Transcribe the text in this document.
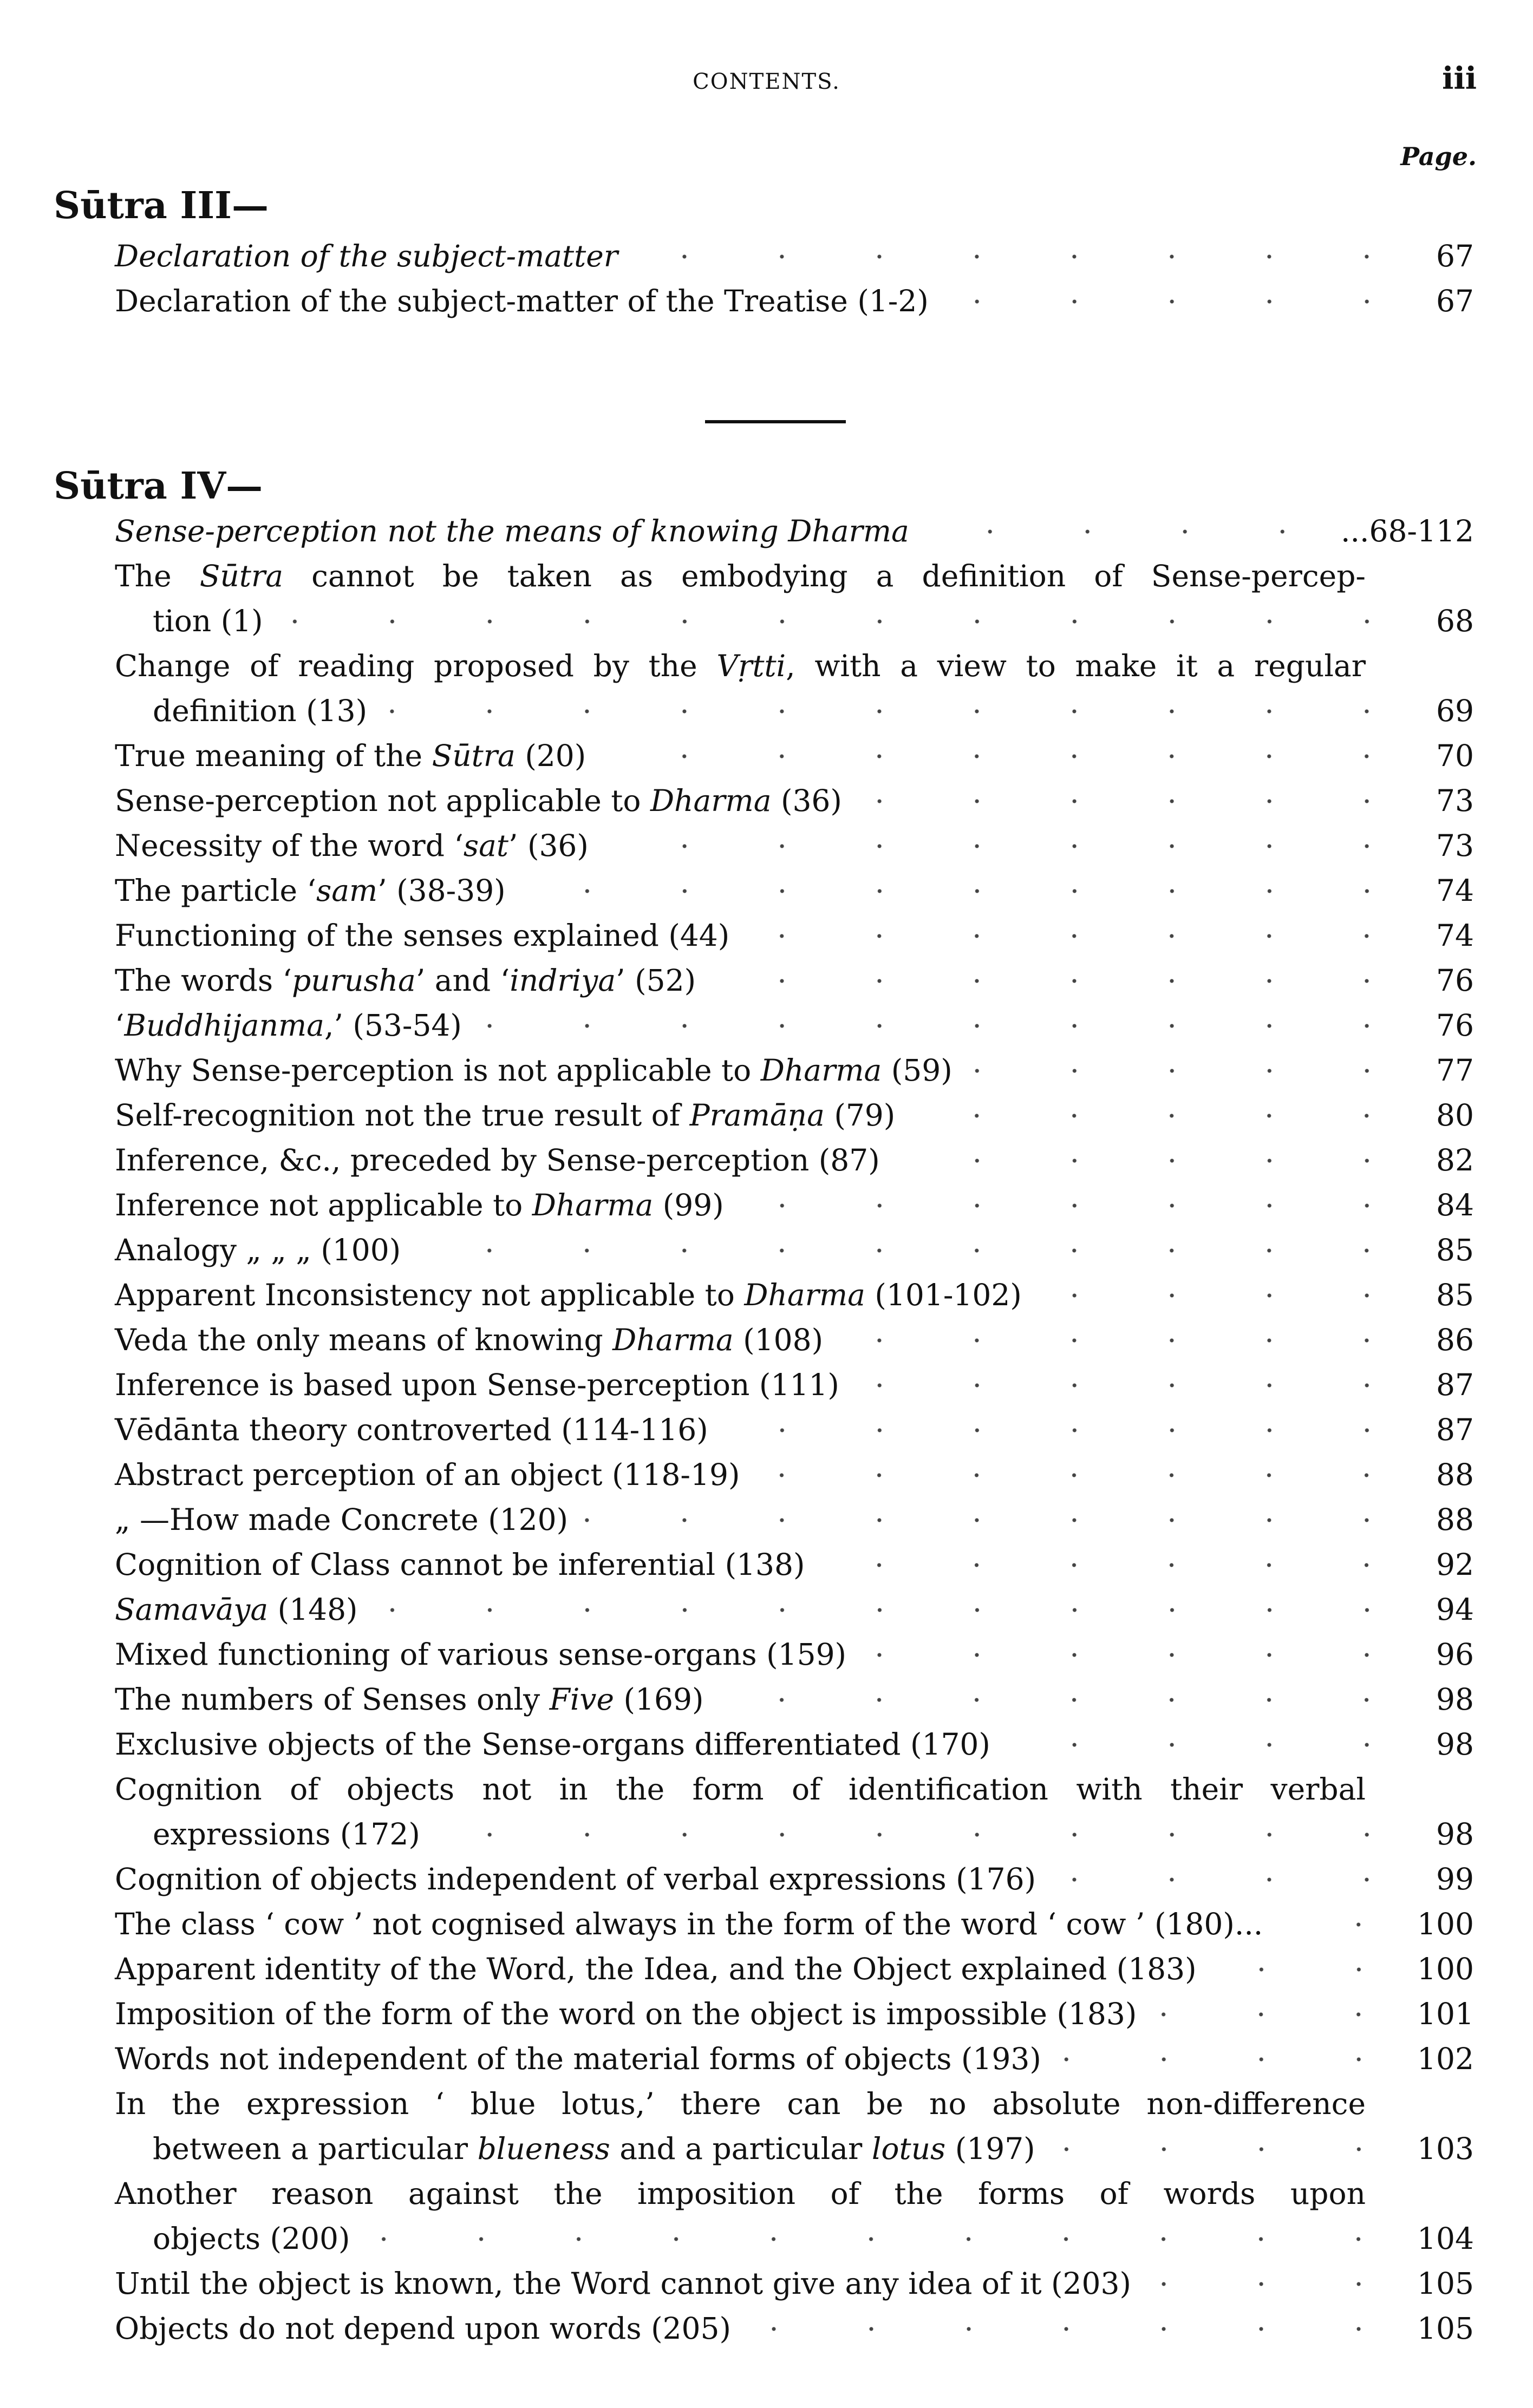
CONTENTS.	iii
Page.
Sūtra III—
Declaration of the subject-matter	67
Declaration of the subject-matter of the Treatise (1-2)	67
Sūtra IV—
Sense-perception not the means of knowing Dharma	...68-112
The Sūtra cannot be taken as embodying a definition of Sense-percep-
tion (1)	68
Change of reading proposed by the Vṛtti, with a view to make it a regular
definition (13)	69
True meaning of the Sūtra (20)	70
Sense-perception not applicable to Dharma (36)	73
Necessity of the word ‘sat’ (36)	73
The particle ‘sam’ (38-39)	74
Functioning of the senses explained (44)	74
The words ‘purusha’ and ‘indriya’ (52)	76
‘Buddhijanma,’ (53-54)	76
Why Sense-perception is not applicable to Dharma (59)	77
Self-recognition not the true result of Pramāṇa (79)	80
Inference, &c., preceded by Sense-perception (87)	82
Inference not applicable to Dharma (99)	84
Analogy „ „ „ (100)	85
Apparent Inconsistency not applicable to Dharma (101-102)	85
Veda the only means of knowing Dharma (108)	86
Inference is based upon Sense-perception (111)	87
Vēdānta theory controverted (114-116)	87
Abstract perception of an object (118-19)	88
„ —How made Concrete (120)	88
Cognition of Class cannot be inferential (138)	92
Samavāya (148)	94
Mixed functioning of various sense-organs (159)	96
The numbers of Senses only Five (169)	98
Exclusive objects of the Sense-organs differentiated (170)	98
Cognition of objects not in the form of identification with their verbal
expressions (172)	98
Cognition of objects independent of verbal expressions (176)	99
The class ‘ cow ’ not cognised always in the form of the word ‘ cow ’ (180)...	100
Apparent identity of the Word, the Idea, and the Object explained (183)	100
Imposition of the form of the word on the object is impossible (183)	101
Words not independent of the material forms of objects (193)	102
In the expression ‘ blue lotus,’ there can be no absolute non-difference
between a particular blueness and a particular lotus (197)	103
Another reason against the imposition of the forms of words upon
objects (200)	104
Until the object is known, the Word cannot give any idea of it (203)	105
Objects do not depend upon words (205)	105
